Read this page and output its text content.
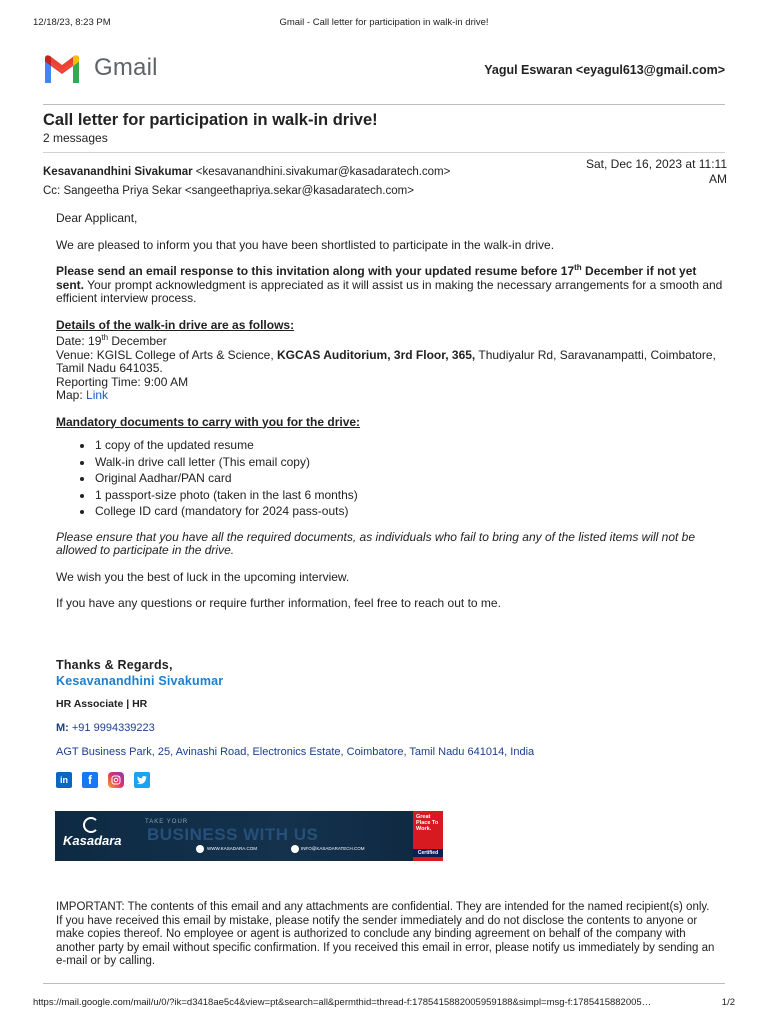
12/18/23, 8:23 PM	Gmail - Call letter for participation in walk-in drive!
Gmail	Yagul Eswaran <eyagul613@gmail.com>
Call letter for participation in walk-in drive!
2 messages
Kesavanandhini Sivakumar <kesavanandhini.sivakumar@kasadaratech.com>
Sat, Dec 16, 2023 at 11:11
AM
Cc: Sangeetha Priya Sekar <sangeethapriya.sekar@kasadaratech.com>

Dear Applicant,

We are pleased to inform you that you have been shortlisted to participate in the walk-in drive.

Please send an email response to this invitation along with your updated resume before 17th December if not yet sent. Your prompt acknowledgment is appreciated as it will assist us in making the necessary arrangements for a smooth and efficient interview process.

Details of the walk-in drive are as follows:
Date: 19th December
Venue: KGISL College of Arts & Science, KGCAS Auditorium, 3rd Floor, 365, Thudiyalur Rd, Saravanampatti, Coimbatore, Tamil Nadu 641035.
Reporting Time: 9:00 AM
Map: Link
Mandatory documents to carry with you for the drive:
• 1 copy of the updated resume
• Walk-in drive call letter (This email copy)
• Original Aadhar/PAN card
• 1 passport-size photo (taken in the last 6 months)
• College ID card (mandatory for 2024 pass-outs)

Please ensure that you have all the required documents, as individuals who fail to bring any of the listed items will not be allowed to participate in the drive.

We wish you the best of luck in the upcoming interview.

If you have any questions or require further information, feel free to reach out to me.

Thanks & Regards,
Kesavanandhini Sivakumar
HR Associate | HR
M: +91 9994339223
AGT Business Park, 25, Avinashi Road, Electronics Estate, Coimbatore, Tamil Nadu 641014, India
in	f
Kasadara
TAKE YOUR
BUSINESS WITH US
WWW.KASADARA.COM	INFO@KASADARATECH.COM
Great Place To Work.
Certified
IMPORTANT: The contents of this email and any attachments are confidential. They are intended for the named recipient(s) only. If you have received this email by mistake, please notify the sender immediately and do not disclose the contents to anyone or make copies thereof. No employee or agent is authorized to conclude any binding agreement on behalf of the company with another party by email without specific confirmation. If you received this email in error, please notify us immediately by sending an e-mail or by calling.
https://mail.google.com/mail/u/0/?ik=d3418ae5c4&view=pt&search=all&permthid=thread-f:1785415882005959188&simpl=msg-f:1785415882005…	1/2
